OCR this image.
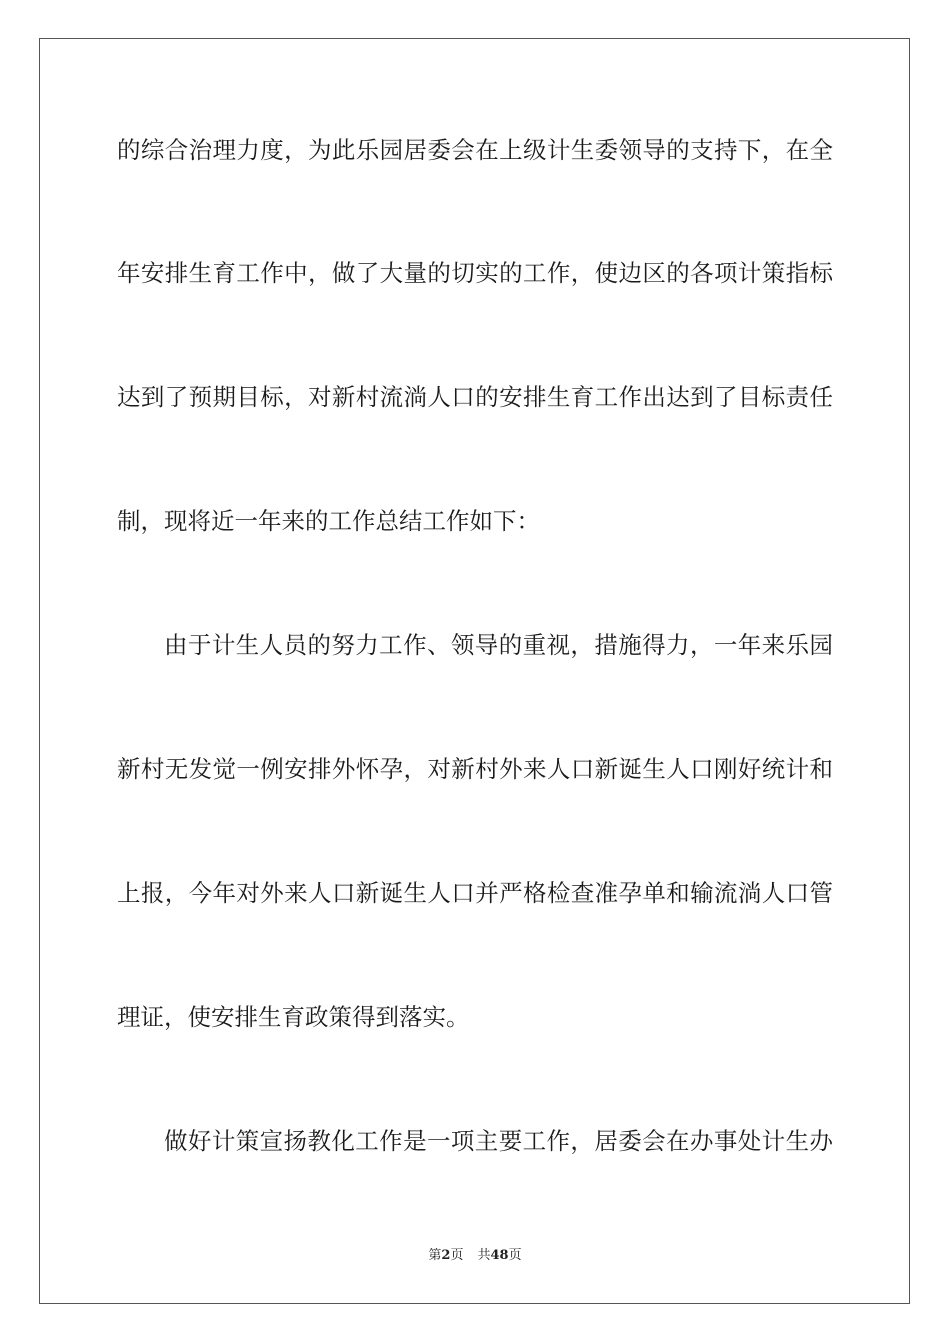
的综合治理力度，为此乐园居委会在上级计生委领导的支持下，在全
年安排生育工作中，做了大量的切实的工作，使边区的各项计策指标
达到了预期目标，对新村流淌人口的安排生育工作出达到了目标责任
制，现将近一年来的工作总结工作如下：
由于计生人员的努力工作、领导的重视，措施得力，一年来乐园
新村无发觉一例安排外怀孕，对新村外来人口新诞生人口刚好统计和
上报，今年对外来人口新诞生人口并严格检查准孕单和输流淌人口管
理证，使安排生育政策得到落实。
做好计策宣扬教化工作是一项主要工作，居委会在办事处计生办
第2页 共48页
